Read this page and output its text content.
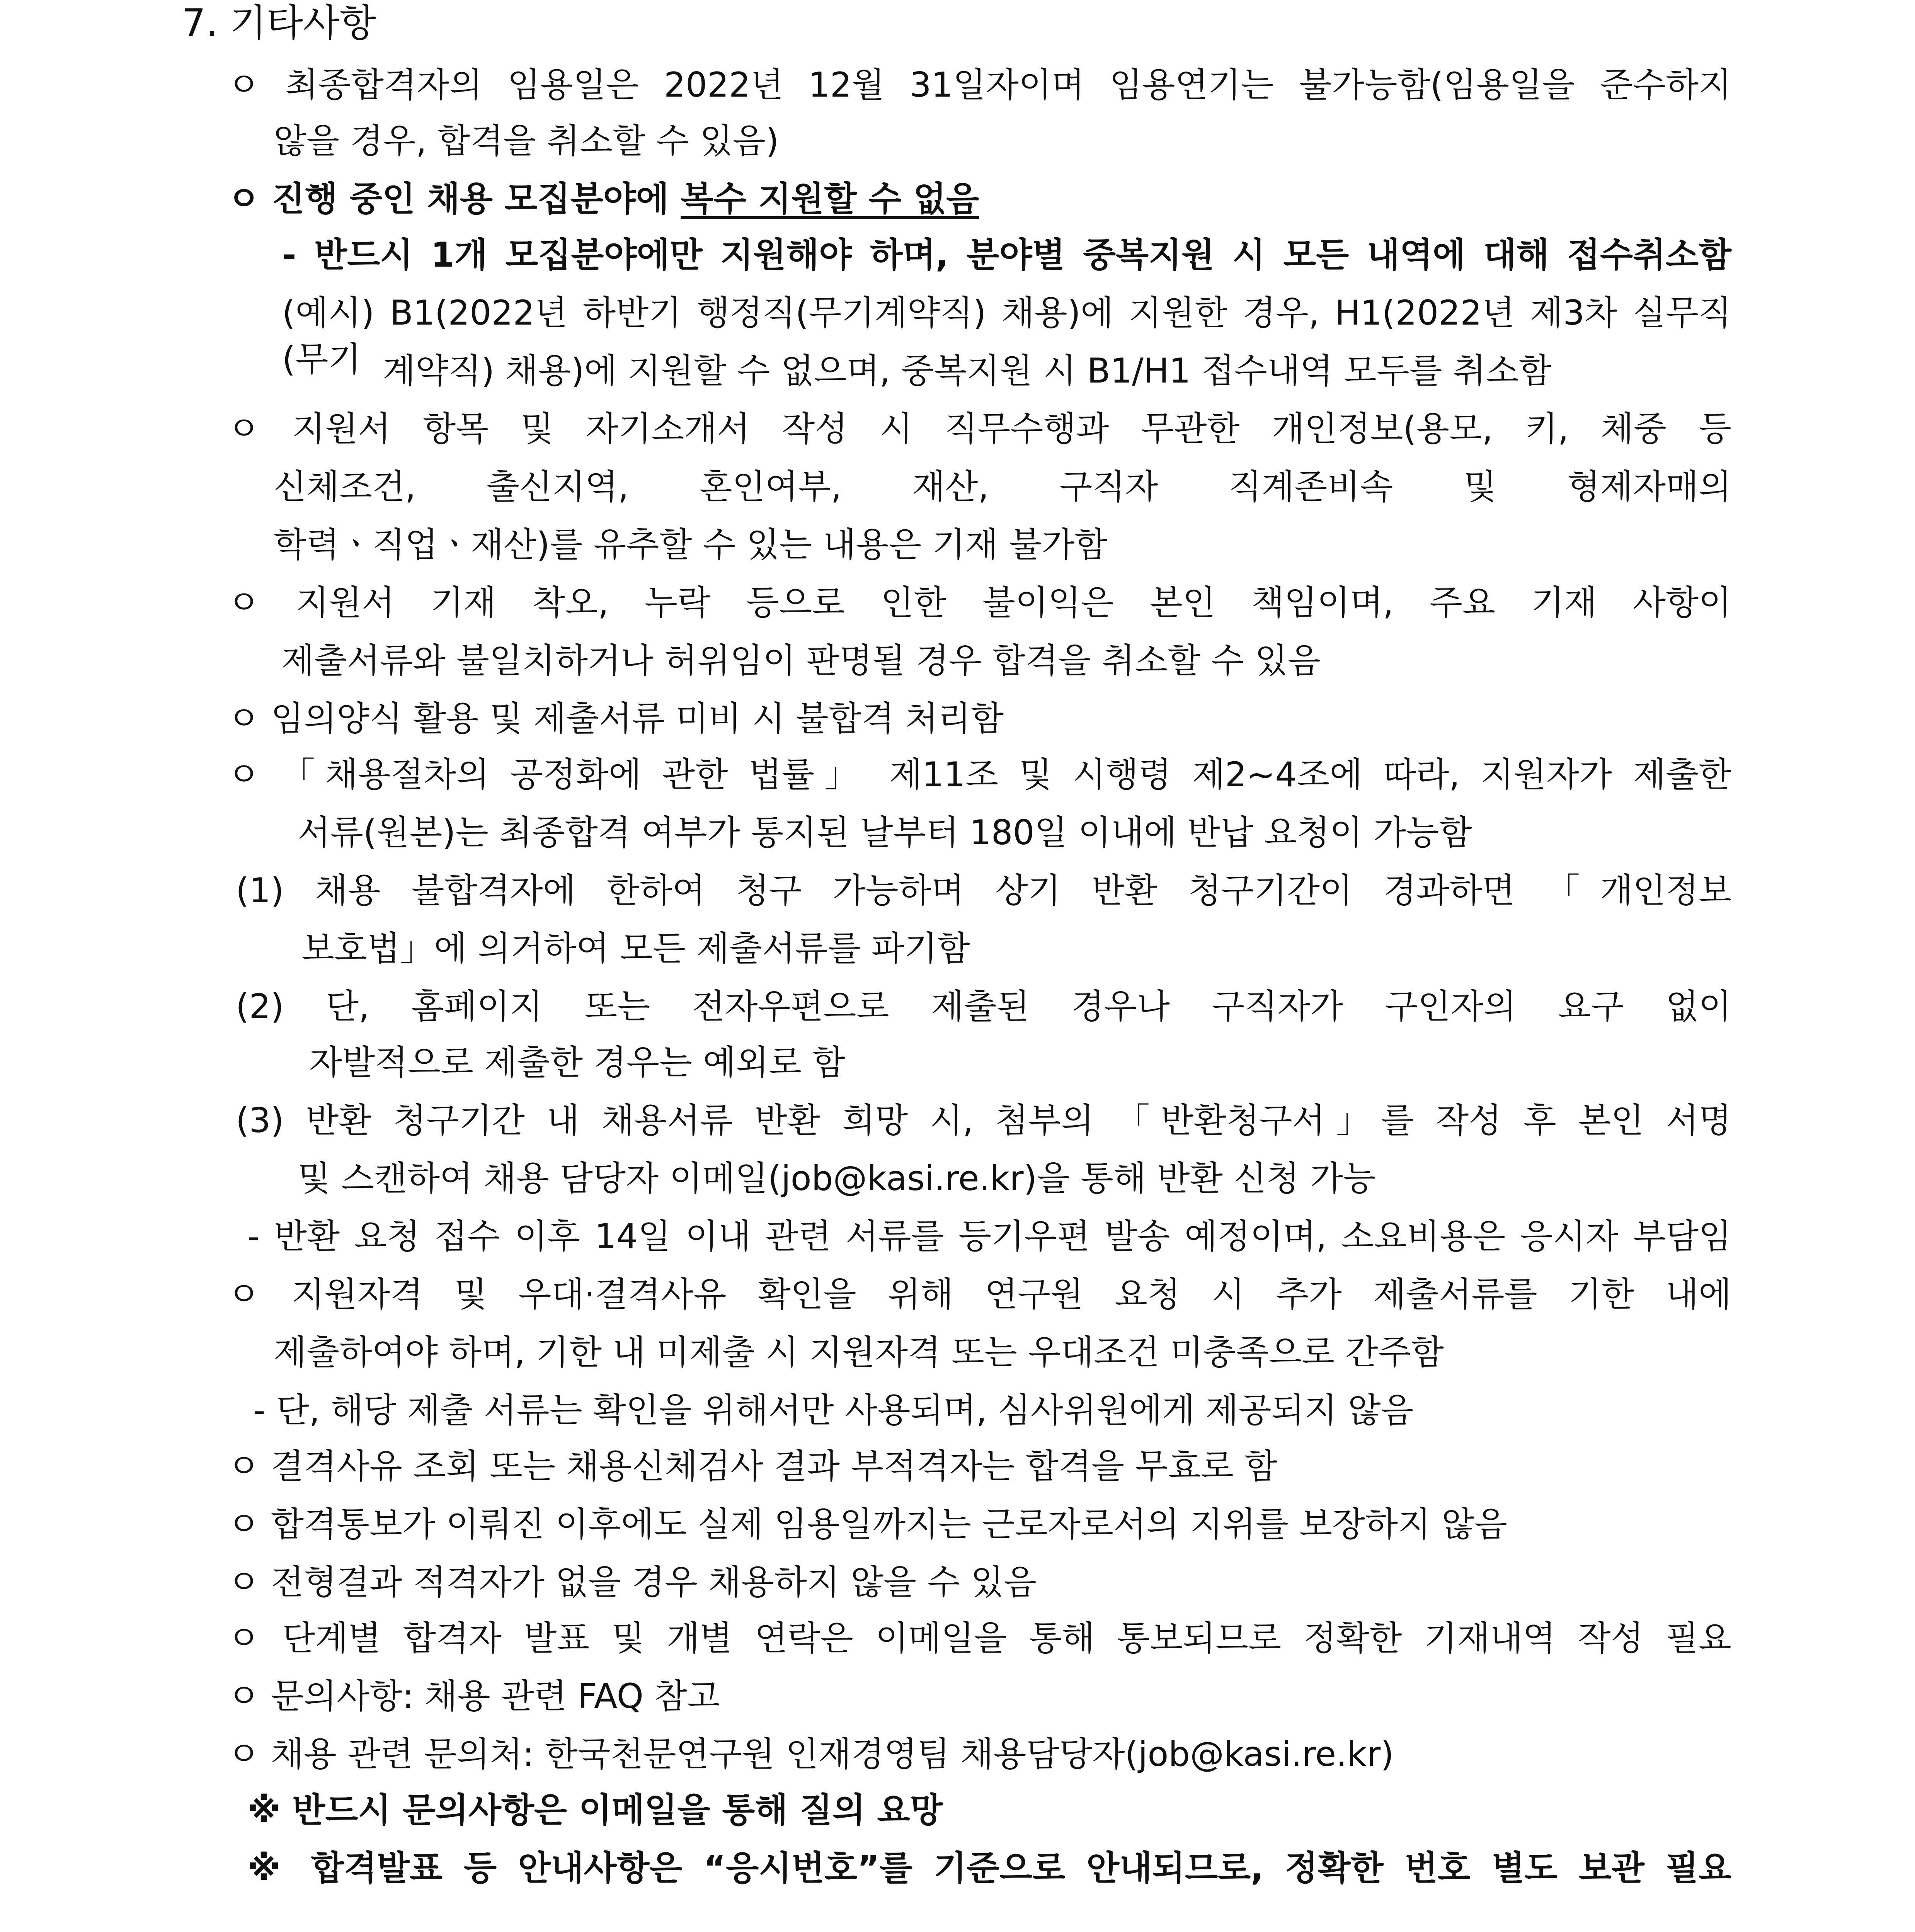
7. 기타사항

ㅇ 최종합격자의 임용일은 2022년 12월 31일자이며 임용연기는 불가능함(임용일을 준수하지

않을 경우, 합격을 취소할 수 있음)

ㅇ 진행 중인 채용 모집분야에 복수 지원할 수 없음

- 반드시 1개 모집분야에만 지원해야 하며, 분야별 중복지원 시 모든 내역에 대해 접수취소함

(예시) B1(2022년 하반기 행정직(무기계약직) 채용)에 지원한 경우, H1(2022년 제3차 실무직(무기 계약직) 채용)에 지원할 수 없으며, 중복지원 시 B1/H1 접수내역 모두를 취소함

ㅇ 지원서 항목 및 자기소개서 작성 시 직무수행과 무관한 개인정보(용모, 키, 체중 등

신체조건, 출신지역, 혼인여부, 재산, 구직자 직계존비속 및 형제자매의

학력ㆍ직업ㆍ재산)를 유추할 수 있는 내용은 기재 불가함

ㅇ 지원서 기재 착오, 누락 등으로 인한 불이익은 본인 책임이며, 주요 기재 사항이

제출서류와 불일치하거나 허위임이 판명될 경우 합격을 취소할 수 있음

ㅇ 임의양식 활용 및 제출서류 미비 시 불합격 처리함

ㅇ 「채용절차의 공정화에 관한 법률」 제11조 및 시행령 제2~4조에 따라, 지원자가 제출한

서류(원본)는 최종합격 여부가 통지된 날부터 180일 이내에 반납 요청이 가능함

(1) 채용 불합격자에 한하여 청구 가능하며 상기 반환 청구기간이 경과하면 「개인정보

보호법」에 의거하여 모든 제출서류를 파기함

(2) 단, 홈페이지 또는 전자우편으로 제출된 경우나 구직자가 구인자의 요구 없이

자발적으로 제출한 경우는 예외로 함

(3) 반환 청구기간 내 채용서류 반환 희망 시, 첨부의 「반환청구서」를 작성 후 본인 서명

및 스캔하여 채용 담당자 이메일(job@kasi.re.kr)을 통해 반환 신청 가능

- 반환 요청 접수 이후 14일 이내 관련 서류를 등기우편 발송 예정이며, 소요비용은 응시자 부담임

ㅇ 지원자격 및 우대·결격사유 확인을 위해 연구원 요청 시 추가 제출서류를 기한 내에

제출하여야 하며, 기한 내 미제출 시 지원자격 또는 우대조건 미충족으로 간주함

- 단, 해당 제출 서류는 확인을 위해서만 사용되며, 심사위원에게 제공되지 않음

ㅇ 결격사유 조회 또는 채용신체검사 결과 부적격자는 합격을 무효로 함

ㅇ 합격통보가 이뤄진 이후에도 실제 임용일까지는 근로자로서의 지위를 보장하지 않음

ㅇ 전형결과 적격자가 없을 경우 채용하지 않을 수 있음

ㅇ 단계별 합격자 발표 및 개별 연락은 이메일을 통해 통보되므로 정확한 기재내역 작성 필요

ㅇ 문의사항: 채용 관련 FAQ 참고

ㅇ 채용 관련 문의처: 한국천문연구원 인재경영팀 채용담당자(job@kasi.re.kr)

※ 반드시 문의사항은 이메일을 통해 질의 요망

※ 합격발표 등 안내사항은 “응시번호”를 기준으로 안내되므로, 정확한 번호 별도 보관 필요
